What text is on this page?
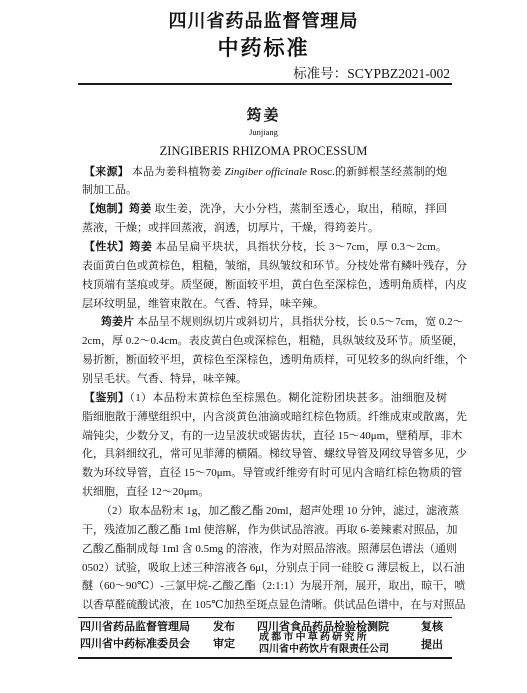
四川省药品监督管理局
中药标准
标准号：SCYPBZ2021-002
筠姜
Junjiang
ZINGIBERIS RHIZOMA PROCESSUM
【来源】 本品为姜科植物姜 Zingiber officinale Rosc.的新鲜根茎经蒸制的炮
制加工品。
【炮制】筠姜 取生姜，洗净，大小分档，蒸制至透心，取出，稍晾，拌回
蒸液，干燥；或拌回蒸液，润透，切厚片，干燥，得筠姜片。
【性状】筠姜 本品呈扁平块状，具指状分枝，长 3～7cm，厚 0.3～2cm。
表面黄白色或黄棕色，粗糙，皱缩，具纵皱纹和环节。分枝处常有鳞叶残存，分
枝顶端有茎痕或芽。质坚硬，断面较平坦，黄白色至深棕色，透明角质样，内皮
层环纹明显，维管束散在。气香、特异，味辛辣。
筠姜片 本品呈不规则纵切片或斜切片，具指状分枝，长 0.5～7cm，宽 0.2～
2cm，厚 0.2～0.4cm。表皮黄白色或深棕色，粗糙，具纵皱纹及环节。质坚硬，
易折断，断面较平坦，黄棕色至深棕色，透明角质样，可见较多的纵向纤维，个
别呈毛状。气香、特异，味辛辣。
【鉴别】（1）本品粉末黄棕色至棕黑色。糊化淀粉团块甚多。油细胞及树
脂细胞散于薄壁组织中，内含淡黄色油滴或暗红棕色物质。纤维成束或散离，先
端钝尖，少数分叉，有的一边呈波状或锯齿状，直径 15～40μm，壁稍厚，非木
化，具斜细纹孔，常可见菲薄的横隔。梯纹导管、螺纹导管及网纹导管多见，少
数为环纹导管，直径 15～70μm。导管或纤维旁有时可见内含暗红棕色物质的管
状细胞，直径 12～20μm。
（2）取本品粉末 1g，加乙酸乙酯 20ml，超声处理 10 分钟，滤过，滤液蒸
干，残渣加乙酸乙酯 1ml 使溶解，作为供试品溶液。再取 6-姜辣素对照品，加
乙酸乙酯制成每 1ml 含 0.5mg 的溶液，作为对照品溶液。照薄层色谱法（通则
0502）试验，吸取上述三种溶液各 6μl，分别点于同一硅胶 G 薄层板上，以石油
醚（60～90℃）-三氯甲烷-乙酸乙酯（2:1:1）为展开剂，展开，取出，晾干，喷
以香草醛硫酸试液，在 105℃加热至斑点显色清晰。供试品色谱中，在与对照品
四川省药品监督管理局 发布 四川省食品药品检验检测院	复核
四川省中药标准委员会 审定 成都市中草药研究所
四川省中药饮片有限责任公司	提出
